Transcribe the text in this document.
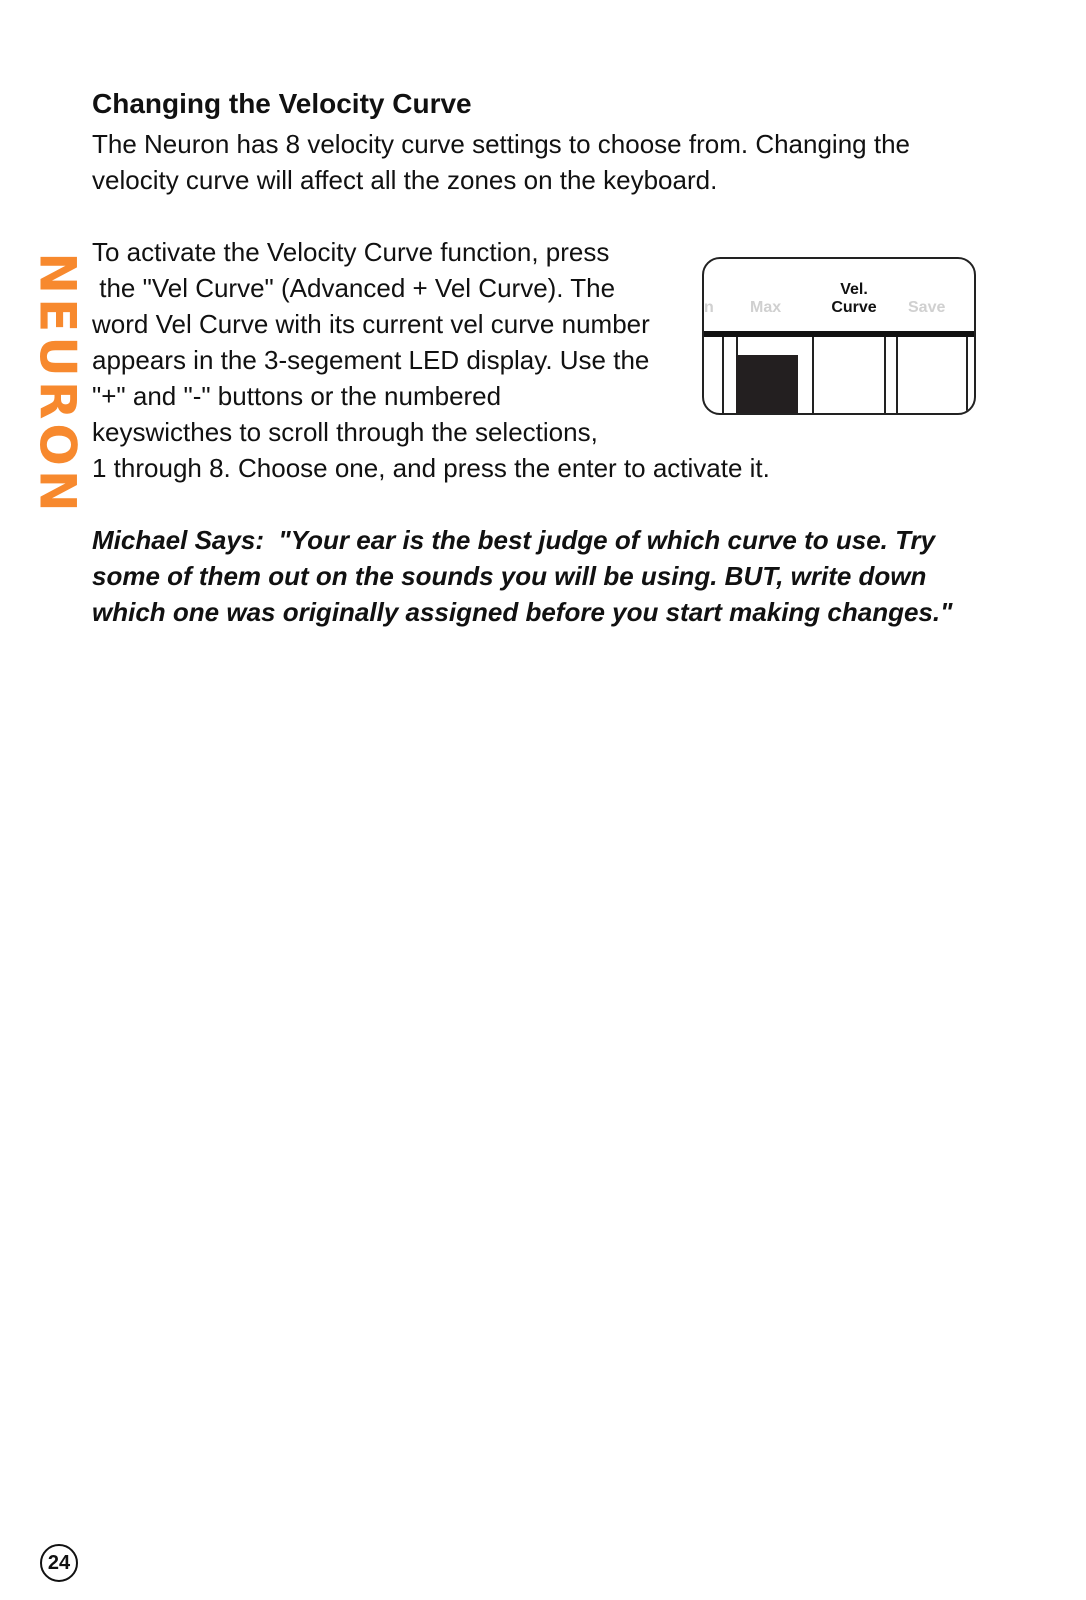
Changing the Velocity Curve

The Neuron has 8 velocity curve settings to choose from. Changing the
velocity curve will affect all the zones on the keyboard.

NEURON

To activate the Velocity Curve function, press
the "Vel Curve" (Advanced + Vel Curve). The
word Vel Curve with its current vel curve number
appears in the 3-segement LED display. Use the
"+" and "-" buttons or the numbered
keyswicthes to scroll through the selections,
1 through 8. Choose one, and press the enter to activate it.

n Max
Vel.
Curve	Save

Michael Says:  "Your ear is the best judge of which curve to use. Try
some of them out on the sounds you will be using. BUT, write down
which one was originally assigned before you start making changes."

24
